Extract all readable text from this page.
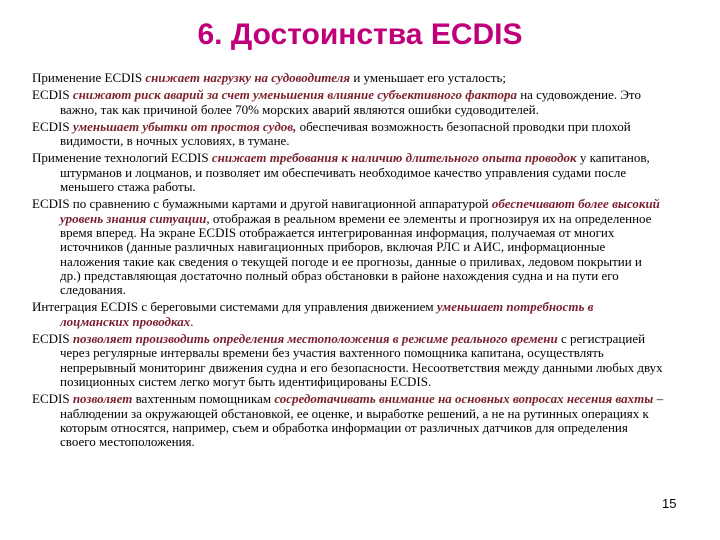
6. Достоинства ECDIS

Применение ECDIS снижает нагрузку на судоводителя и уменьшает его усталость;

ECDIS снижают риск аварий за счет уменьшения влияние субъективного фактора на судовождение. Это важно, так как причиной более 70% морских аварий являются ошибки судоводителей.

ECDIS уменьшает убытки от простоя судов, обеспечивая возможность безопасной проводки при плохой видимости, в ночных условиях, в тумане.

Применение технологий ECDIS снижает требования к наличию длительного опыта проводок у капитанов, штурманов и лоцманов, и позволяет им обеспечивать необходимое качество управления судами после меньшего стажа работы.

ECDIS по сравнению с бумажными картами и другой навигационной аппаратурой обеспечивают более высокий уровень знания ситуации, отображая в реальном времени ее элементы и прогнозируя их на определенное время вперед. На экране ECDIS отображается интегрированная информация, получаемая от многих источников (данные различных навигационных приборов, включая РЛС и АИС, информационные наложения такие как сведения о текущей погоде и ее прогнозы, данные о приливах, ледовом покрытии и др.) представляющая достаточно полный образ обстановки в районе нахождения судна и на пути его следования.

Интеграция ECDIS с береговыми системами для управления движением уменьшает потребность в лоцманских проводках.

ECDIS позволяет производить определения местоположения в режиме реального времени с регистрацией через регулярные интервалы времени без участия вахтенного помощника капитана, осуществлять непрерывный мониторинг движения судна и его безопасности. Несоответствия между данными любых двух позиционных систем легко могут быть идентифицированы ECDIS.

ECDIS позволяет вахтенным помощникам сосредотачивать внимание на основных вопросах несения вахты – наблюдении за окружающей обстановкой, ее оценке, и выработке решений, а не на рутинных операциях к которым относятся, например, съем и обработка информации от различных датчиков для определения своего местоположения.

15
